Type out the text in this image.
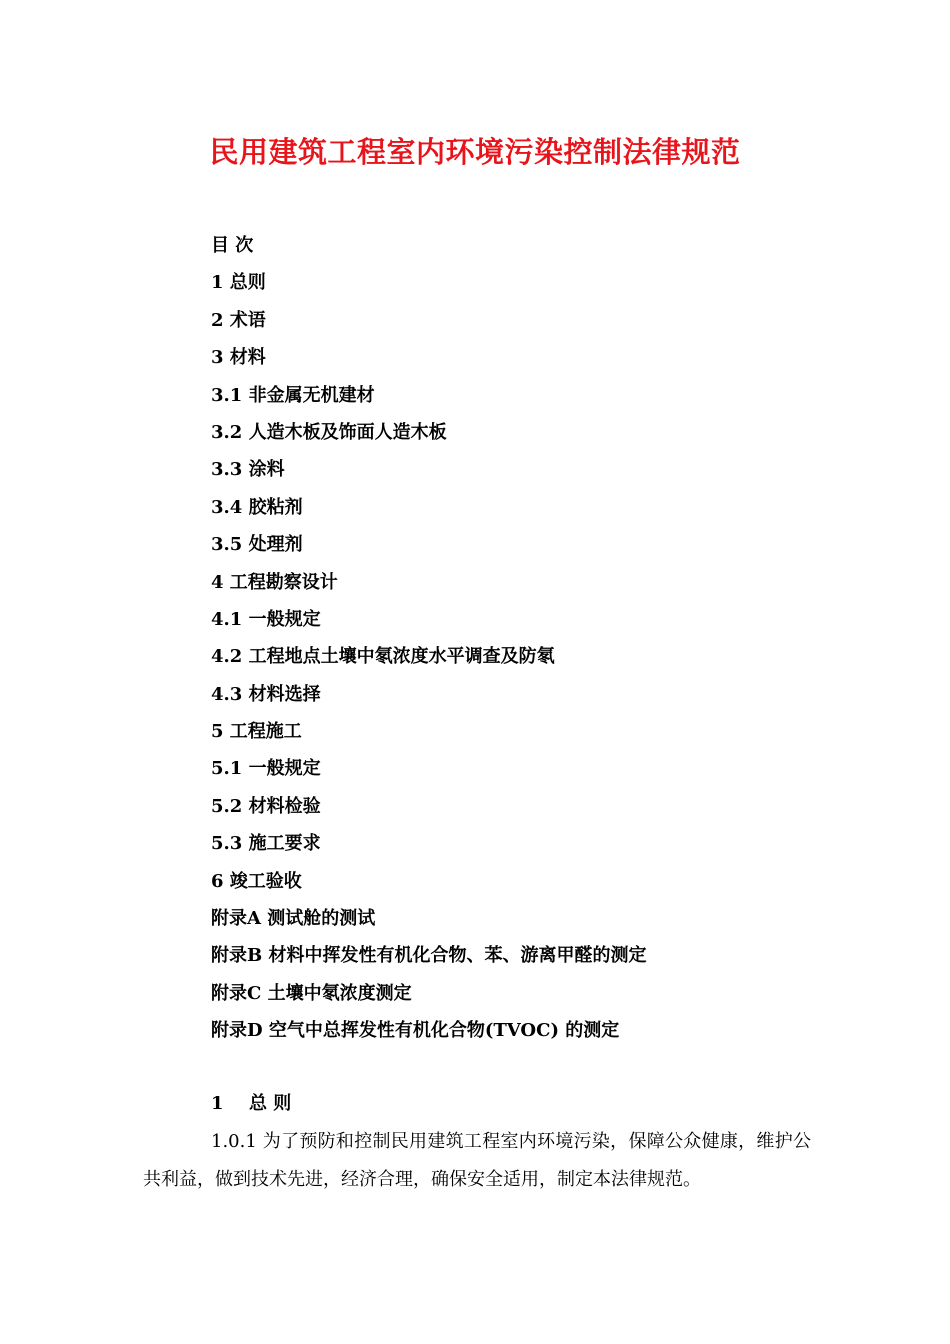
民用建筑工程室内环境污染控制法律规范
目 次
1 总则
2 术语
3 材料
3.1 非金属无机建材
3.2 人造木板及饰面人造木板
3.3 涂料
3.4 胶粘剂
3.5 处理剂
4 工程勘察设计
4.1 一般规定
4.2 工程地点土壤中氡浓度水平调查及防氡
4.3 材料选择
5 工程施工
5.1 一般规定
5.2 材料检验
5.3 施工要求
6 竣工验收
附录A 测试舱的测试
附录B 材料中挥发性有机化合物、苯、游离甲醛的测定
附录C 土壤中氡浓度测定
附录D 空气中总挥发性有机化合物(TVOC) 的测定
1 总 则
1.0.1 为了预防和控制民用建筑工程室内环境污染，保障公众健康，维护公共利益，做到技术先进，经济合理，确保安全适用，制定本法律规范。
